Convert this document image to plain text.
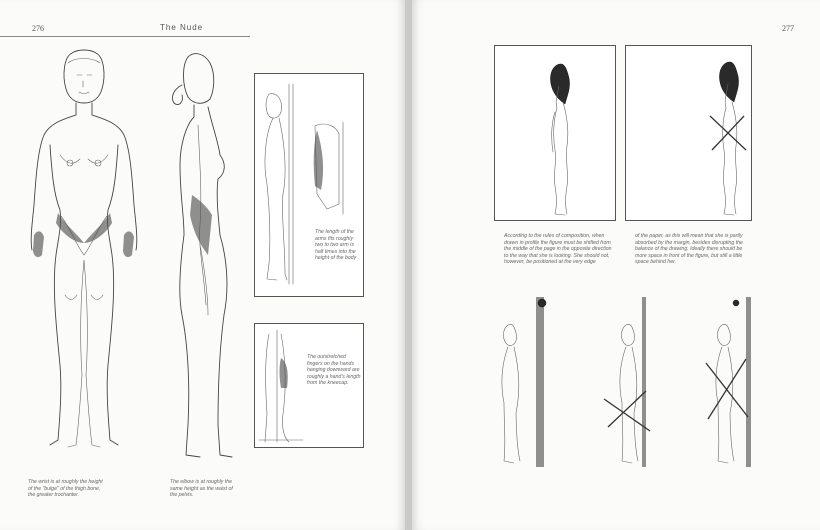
276	The Nude
The wrist is at roughly the height of the "bulge" of the thigh bone, the greater trochanter.
The elbow is at roughly the same height as the waist of the pelvis.
The length of the arms fits roughly two to two arm is half times into the height of the body
The outstretched fingers on the hands hanging downward are roughly a hand's length from the kneecap.
277
According to the rules of composition, when drawn in profile the figure must be shifted from the middle of the page in the opposite direction to the way that she is looking. She should not, however, be positioned at the very edge
of the paper, as this will mean that she is partly absorbed by the margin, besides disrupting the balance of the drawing. Ideally there should be more space in front of the figure, but still a little space behind her.
